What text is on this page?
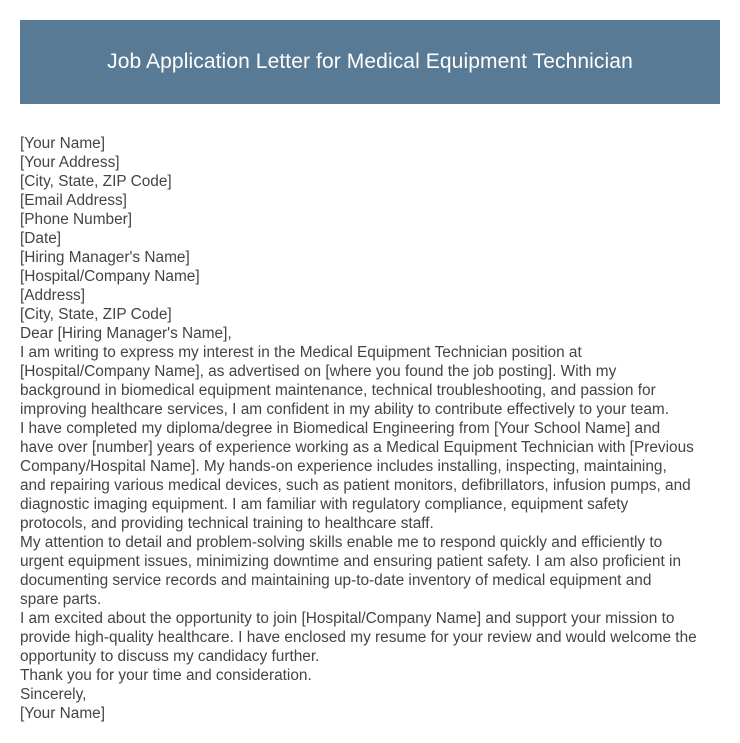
Job Application Letter for Medical Equipment Technician
[Your Name]
[Your Address]
[City, State, ZIP Code]
[Email Address]
[Phone Number]
[Date]
[Hiring Manager's Name]
[Hospital/Company Name]
[Address]
[City, State, ZIP Code]
Dear [Hiring Manager's Name],
I am writing to express my interest in the Medical Equipment Technician position at
[Hospital/Company Name], as advertised on [where you found the job posting]. With my
background in biomedical equipment maintenance, technical troubleshooting, and passion for
improving healthcare services, I am confident in my ability to contribute effectively to your team.
I have completed my diploma/degree in Biomedical Engineering from [Your School Name] and
have over [number] years of experience working as a Medical Equipment Technician with [Previous
Company/Hospital Name]. My hands-on experience includes installing, inspecting, maintaining,
and repairing various medical devices, such as patient monitors, defibrillators, infusion pumps, and
diagnostic imaging equipment. I am familiar with regulatory compliance, equipment safety
protocols, and providing technical training to healthcare staff.
My attention to detail and problem-solving skills enable me to respond quickly and efficiently to
urgent equipment issues, minimizing downtime and ensuring patient safety. I am also proficient in
documenting service records and maintaining up-to-date inventory of medical equipment and
spare parts.
I am excited about the opportunity to join [Hospital/Company Name] and support your mission to
provide high-quality healthcare. I have enclosed my resume for your review and would welcome the
opportunity to discuss my candidacy further.
Thank you for your time and consideration.
Sincerely,
[Your Name]
